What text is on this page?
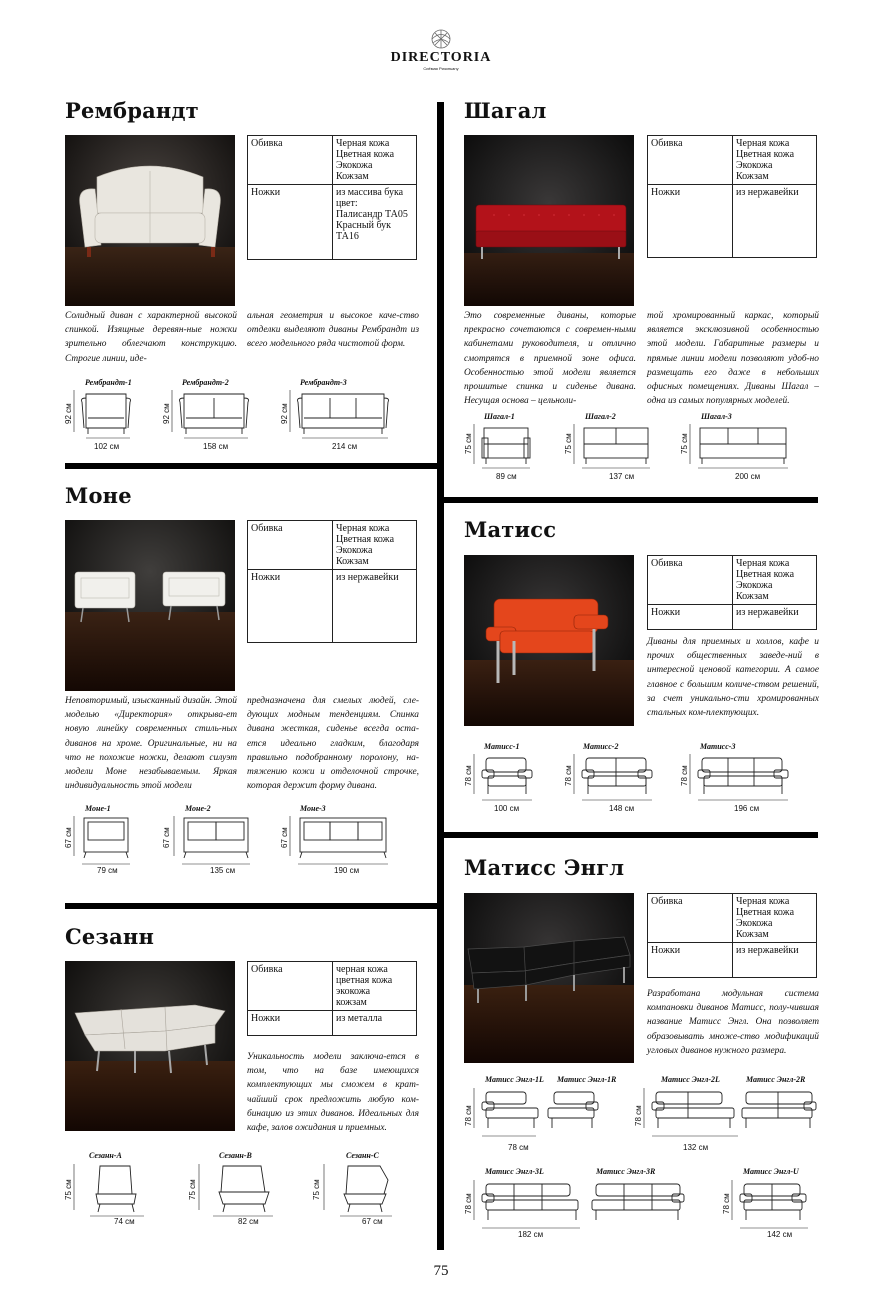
DIRECTORIA
Сиёмая Ризоньаny
Рембрандт
Обивка	Черная кожа
Цветная кожа
Экокожа
Кожзам

Ножки	из массива бука
цвет:
Палисандр ТА05
Красный бук ТА16
Солидный диван с характерной высокой спинкой. Изящные деревян-ные ножки зрительно облегчают конструкцию. Строгие линии, иде-
альная геометрия и высокое каче-ство отделки выделяют диваны Рембрандт из всего модельного ряда чистотой форм.
Рембрандт-1	Рембрандт-2	Рембрандт-3
92 см	92 см	92 см
102 см	158 см	214 см
Шагал
Обивка	Черная кожа
Цветная кожа
Экокожа
Кожзам

Ножки	из нержавейки
Это современные диваны, которые прекрасно сочетаются с современ-ными кабинетами руководителя, и отлично смотрятся в приемной зоне офиса. Особенностью этой модели является прошитые спинка и сиденье дивана. Несущая основа – цельноли-
той хромированный каркас, который является эксклюзивной особенностью этой модели. Габаритные размеры и прямые линии модели позволяют удоб-но размещать его даже в небольших офисных помещениях. Диваны Шагал – одна из самых популярных моделей.
Шагал-1	Шагал-2	Шагал-3
75 см	75 см	75 см
89 см	137 см	200 см
Моне
Обивка	Черная кожа
Цветная кожа
Экокожа
Кожзам

Ножки	из нержавейки
Неповторимый, изысканный дизайн. Этой моделью «Директория» открыва-ет новую линейку современных стиль-ных диванов на хроме. Оригинальные, ни на что не похожие ножки, делают силуэт модели Моне незабываемым. Яркая индивидуальность этой модели
предназначена для смелых людей, сле-дующих модным тенденциям. Спинка дивана жесткая, сиденье всегда оста-ется идеально гладким, благодаря правильно подобранному поролону, на-тяжению кожи и отделочной строчке, которая держит форму дивана.
Моне-1	Моне-2	Моне-3
67 см	67 см	67 см
79 см	135 см	190 см
Матисс
Обивка	Черная кожа
Цветная кожа
Экокожа
Кожзам

Ножки	из нержавейки
Диваны для приемных и холлов, кафе и прочих общественных заведе-ний в интересной ценовой категории. А самое главное с большим количе-ством решений, за счет уникально-сти хромированных стальных ком-плектующих.
Матисс-1	Матисс-2	Матисс-3
78 см	78 см	78 см
100 см	148 см	196 см
Сезанн
Обивка	черная кожа
цветная кожа
экокожа
кожзам

Ножки	из металла
Уникальность модели заключа-ется в том, что на базе имеющихся комплектующих мы сможем в крат-чайший срок предложить любую ком-бинацию из этих диванов. Идеальных для кафе, залов ожидания и приемных.
Сезанн-А	Сезанн-В	Сезанн-С
75 см	75 см	75 см
74 см	82 см	67 см
Матисс Энгл
Обивка	Черная кожа
Цветная кожа
Экокожа
Кожзам

Ножки	из нержавейки
Разработана модульная система компановки диванов Матисс, полу-чившая название Матисс Энгл. Она позволяет образовывать множе-ство модификаций угловых диванов нужного размера.
Матисс Энгл-1L Матисс Энгл-1R	Матисс Энгл-2L	Матисс Энгл-2R
78 см	78 см
78 см	132 см
Матисс Энгл-3L	Матисс Энгл-3R	Матисс Энгл-U
78 см	78 см
182 см	142 см
75
